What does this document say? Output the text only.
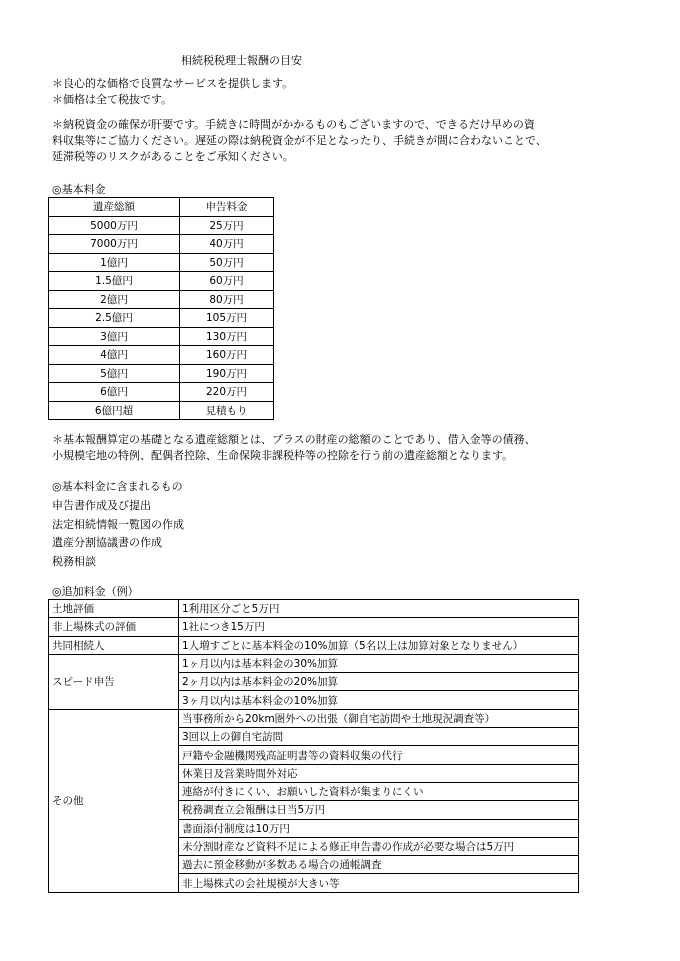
相続税税理士報酬の目安
＊良心的な価格で良質なサービスを提供します。
＊価格は全て税抜です。
＊納税資金の確保が肝要です。手続きに時間がかかるものもございますので、できるだけ早めの資
料収集等にご協力ください。遅延の際は納税資金が不足となったり、手続きが間に合わないことで、
延滞税等のリスクがあることをご承知ください。
◎基本料金
遺産総額	申告料金
5000万円	25万円
7000万円	40万円
1億円	50万円
1.5億円	60万円
2億円	80万円
2.5億円	105万円
3億円	130万円
4億円	160万円
5億円	190万円
6億円	220万円
6億円超	見積もり
＊基本報酬算定の基礎となる遺産総額とは、プラスの財産の総額のことであり、借入金等の債務、
小規模宅地の特例、配偶者控除、生命保険非課税枠等の控除を行う前の遺産総額となります。
◎基本料金に含まれるもの
申告書作成及び提出
法定相続情報一覧図の作成
遺産分割協議書の作成
税務相談
◎追加料金（例）
土地評価	1利用区分ごと5万円
非上場株式の評価	1社につき15万円
共同相続人	1人増すごとに基本料金の10%加算（5名以上は加算対象となりません）
スピード申告	1ヶ月以内は基本料金の30%加算
	2ヶ月以内は基本料金の20%加算
	3ヶ月以内は基本料金の10%加算
その他	当事務所から20km圏外への出張（御自宅訪問や土地現況調査等）
	3回以上の御自宅訪問
	戸籍や金融機関残高証明書等の資料収集の代行
	休業日及営業時間外対応
	連絡が付きにくい、お願いした資料が集まりにくい
	税務調査立会報酬は日当5万円
	書面添付制度は10万円
	未分割財産など資料不足による修正申告書の作成が必要な場合は5万円
	過去に預金移動が多数ある場合の通帳調査
	非上場株式の会社規模が大きい等
